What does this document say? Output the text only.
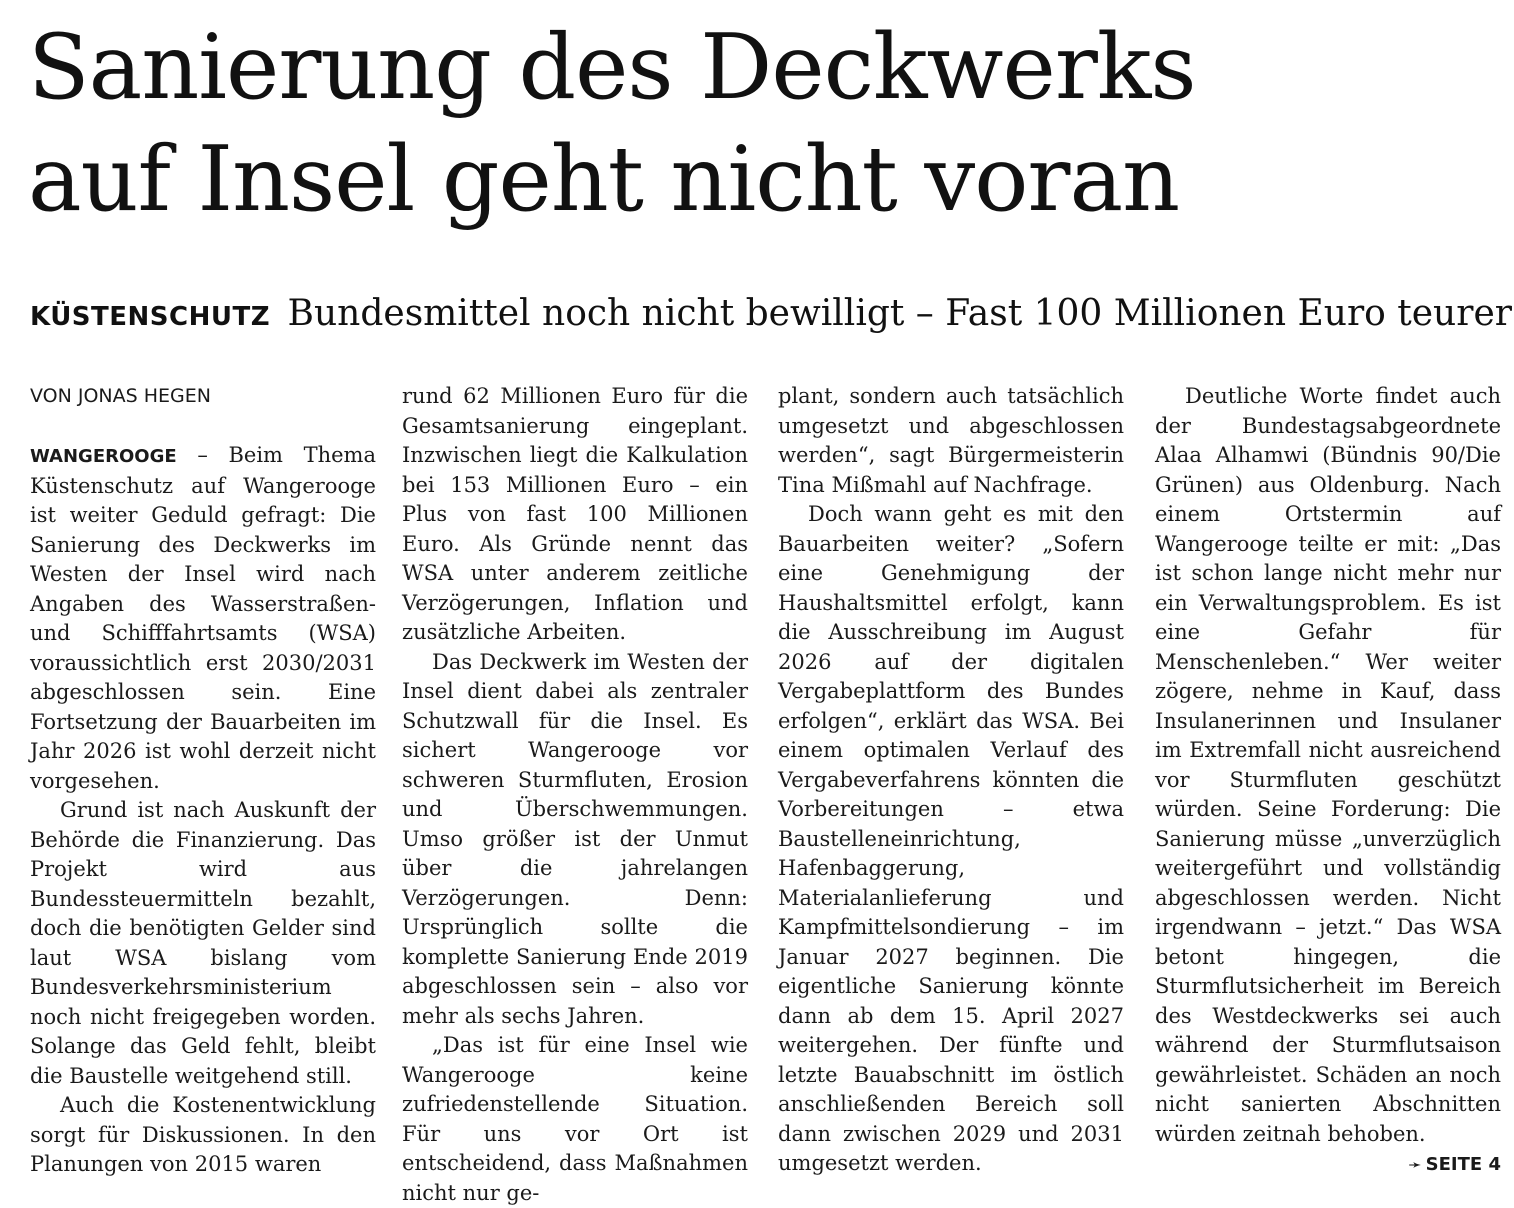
Sanierung des Deckwerks
auf Insel geht nicht voran
KÜSTENSCHUTZ Bundesmittel noch nicht bewilligt – Fast 100 Millionen Euro teurer
VON JONAS HEGEN

WANGEROOGE – Beim Thema Küstenschutz auf Wangerooge ist weiter Geduld gefragt: Die Sanierung des Deckwerks im Westen der Insel wird nach Angaben des Wasserstraßen- und Schifffahrtsamts (WSA) voraussichtlich erst 2030/2031 abgeschlossen sein. Eine Fortsetzung der Bauarbeiten im Jahr 2026 ist wohl derzeit nicht vorgesehen.

Grund ist nach Auskunft der Behörde die Finanzierung. Das Projekt wird aus Bundessteuermitteln bezahlt, doch die benötigten Gelder sind laut WSA bislang vom Bundesverkehrsministerium noch nicht freigegeben worden. Solange das Geld fehlt, bleibt die Baustelle weitgehend still.

Auch die Kostenentwicklung sorgt für Diskussionen. In den Planungen von 2015 waren

rund 62 Millionen Euro für die Gesamtsanierung eingeplant. Inzwischen liegt die Kalkulation bei 153 Millionen Euro – ein Plus von fast 100 Millionen Euro. Als Gründe nennt das WSA unter anderem zeitliche Verzögerungen, Inflation und zusätzliche Arbeiten.

Das Deckwerk im Westen der Insel dient dabei als zentraler Schutzwall für die Insel. Es sichert Wangerooge vor schweren Sturmfluten, Erosion und Überschwemmungen. Umso größer ist der Unmut über die jahrelangen Verzögerungen. Denn: Ursprünglich sollte die komplette Sanierung Ende 2019 abgeschlossen sein – also vor mehr als sechs Jahren.

„Das ist für eine Insel wie Wangerooge keine zufriedenstellende Situation. Für uns vor Ort ist entscheidend, dass Maßnahmen nicht nur ge-

plant, sondern auch tatsächlich umgesetzt und abgeschlossen werden“, sagt Bürgermeisterin Tina Mißmahl auf Nachfrage.

Doch wann geht es mit den Bauarbeiten weiter? „Sofern eine Genehmigung der Haushaltsmittel erfolgt, kann die Ausschreibung im August 2026 auf der digitalen Vergabeplattform des Bundes erfolgen“, erklärt das WSA. Bei einem optimalen Verlauf des Vergabeverfahrens könnten die Vorbereitungen – etwa Baustelleneinrichtung, Hafenbaggerung, Materialanlieferung und Kampfmittelsondierung – im Januar 2027 beginnen. Die eigentliche Sanierung könnte dann ab dem 15. April 2027 weitergehen. Der fünfte und letzte Bauabschnitt im östlich anschließenden Bereich soll dann zwischen 2029 und 2031 umgesetzt werden.

Deutliche Worte findet auch der Bundestagsabgeordnete Alaa Alhamwi (Bündnis 90/Die Grünen) aus Oldenburg. Nach einem Ortstermin auf Wangerooge teilte er mit: „Das ist schon lange nicht mehr nur ein Verwaltungsproblem. Es ist eine Gefahr für Menschenleben.“ Wer weiter zögere, nehme in Kauf, dass Insulanerinnen und Insulaner im Extremfall nicht ausreichend vor Sturmfluten geschützt würden. Seine Forderung: Die Sanierung müsse „unverzüglich weitergeführt und vollständig abgeschlossen werden. Nicht irgendwann – jetzt.“ Das WSA betont hingegen, die Sturmflutsicherheit im Bereich des Westdeckwerks sei auch während der Sturmflutsaison gewährleistet. Schäden an noch nicht sanierten Abschnitten würden zeitnah behoben.
➛ SEITE 4
